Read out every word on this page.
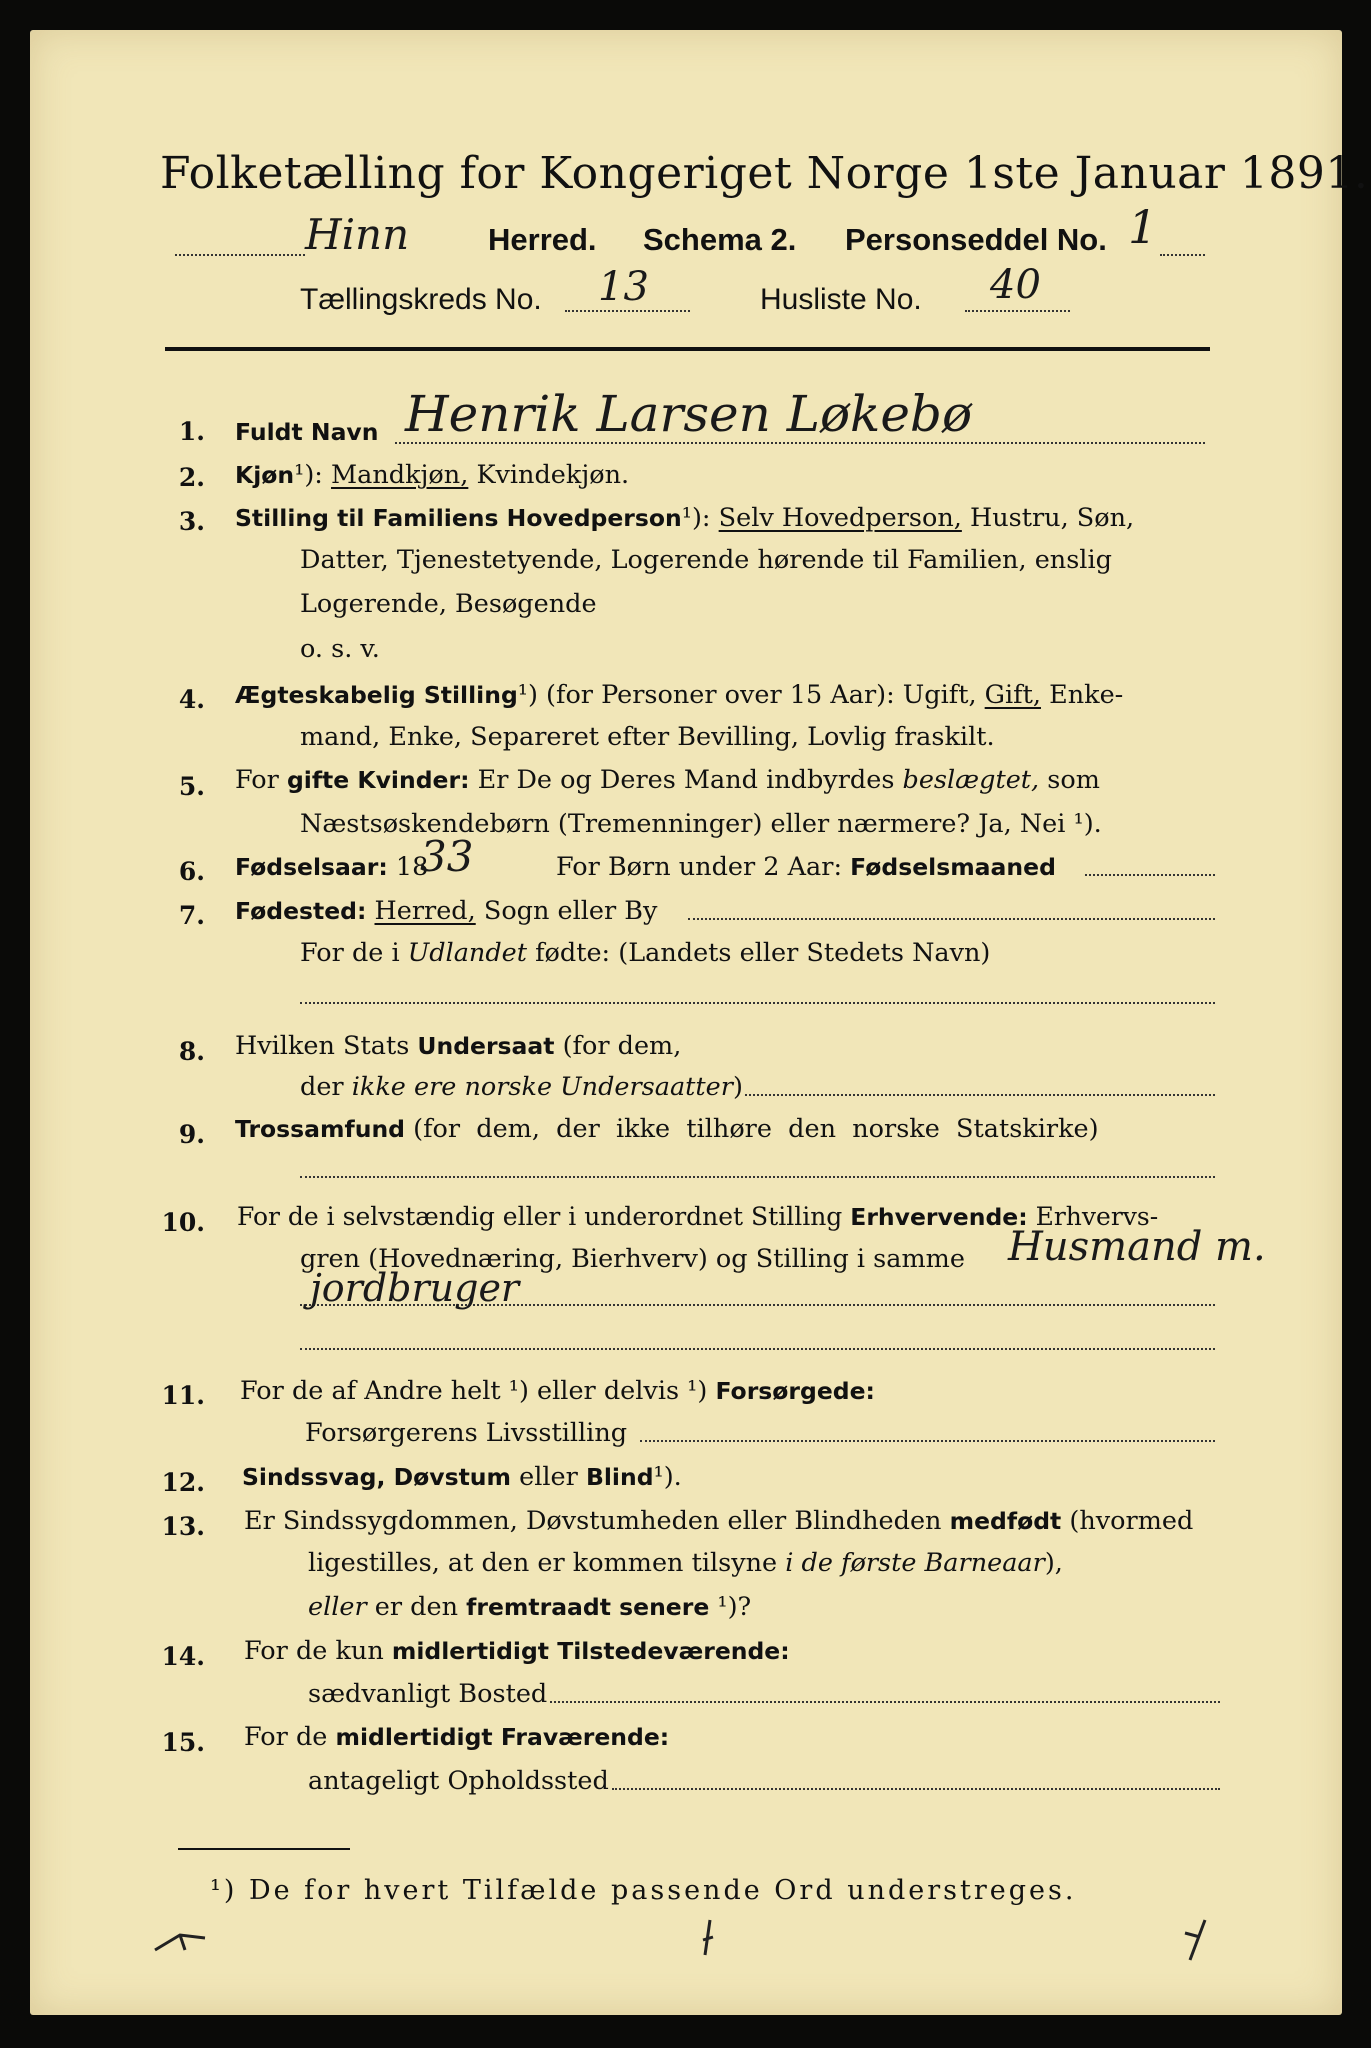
Folketælling for Kongeriget Norge 1ste Januar 1891.
Hinn	Herred. Schema 2. Personseddel No. 1
Tællingskreds No. 13	Husliste No. 40
1. Fuldt Navn Henrik Larsen Løkebø
2. Kjøn¹): Mandkjøn, Kvindekjøn.
3. Stilling til Familiens Hovedperson¹): Selv Hovedperson, Hustru, Søn,
Datter, Tjenestetyende, Logerende hørende til Familien, enslig
Logerende, Besøgende
o. s. v.
4. Ægteskabelig Stilling¹) (for Personer over 15 Aar): Ugift, Gift, Enke-
mand, Enke, Separeret efter Bevilling, Lovlig fraskilt.
5. For gifte Kvinder: Er De og Deres Mand indbyrdes beslægtet, som
Næstsøskendebørn (Tremenninger) eller nærmere? Ja, Nei ¹).
6. Fødselsaar: 18
33	For Børn under 2 Aar: Fødselsmaaned
7. Fødested: Herred, Sogn eller By
For de i Udlandet fødte: (Landets eller Stedets Navn)
8. Hvilken Stats Undersaat (for dem,
der ikke ere norske Undersaatter)
9. Trossamfund (for  dem,  der  ikke  tilhøre  den  norske  Statskirke)
10. For de i selvstændig eller i underordnet Stilling Erhvervende: Erhvervs-
gren (Hovednæring, Bierhverv) og Stilling i samme Husmand m.
jordbruger
11. For de af Andre helt ¹) eller delvis ¹) Forsørgede:
Forsørgerens Livsstilling
12. Sindssvag, Døvstum eller Blind¹).
13. Er Sindssygdommen, Døvstumheden eller Blindheden medfødt (hvormed
ligestilles, at den er kommen tilsyne i de første Barneaar),
eller er den fremtraadt senere ¹)?
14. For de kun midlertidigt Tilstedeværende:
sædvanligt Bosted
15. For de midlertidigt Fraværende:
antageligt Opholdssted
¹) De for hvert Tilfælde passende Ord understreges.
